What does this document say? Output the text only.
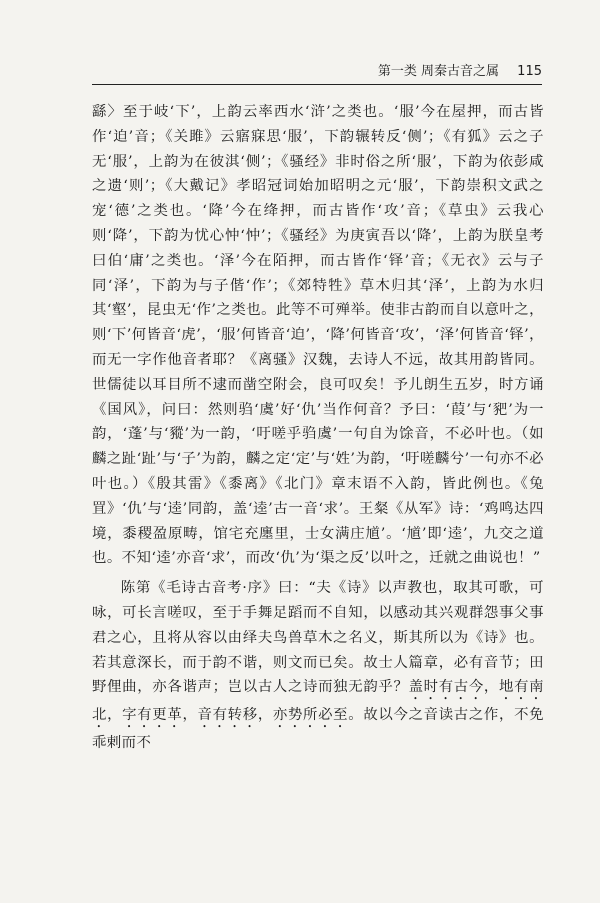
第一类 周秦古音之属 115

繇〉至于岐‘下’，上韵云率西水‘浒’之类也。‘服’今在屋押，而古皆作‘迫’音；《关雎》云寤寐思‘服’，下韵辗转反‘侧’；《有狐》云之子无‘服’，上韵为在彼淇‘侧’；《骚经》非时俗之所‘服’，下韵为依彭咸之遗‘则’；《大戴记》孝昭冠词始加昭明之元‘服’，下韵崇积文武之宠‘德’之类也。‘降’今在绛押，而古皆作‘攻’音；《草虫》云我心则‘降’，下韵为忧心忡‘忡’；《骚经》为庚寅吾以‘降’，上韵为朕皇考曰伯‘庸’之类也。‘泽’今在陌押，而古皆作‘铎’音；《无衣》云与子同‘泽’，下韵为与子偕‘作’；《郊特牲》草木归其‘泽’，上韵为水归其‘壑’，昆虫无‘作’之类也。此等不可殚举。使非古韵而自以意叶之，则‘下’何皆音‘虎’，‘服’何皆音‘迫’，‘降’何皆音‘攻’，‘泽’何皆音‘铎’，而无一字作他音者耶？《离骚》汉魏，去诗人不远，故其用韵皆同。世儒徒以耳目所不逮而凿空附会，良可叹矣！予儿朗生五岁，时方诵《国风》，问曰：然则驺‘虞’好‘仇’当作何音？予曰：‘葭’与‘豝’为一韵，‘蓬’与‘豵’为一韵，‘吁嗟乎驺虞’一句自为馀音，不必叶也。（如麟之趾‘趾’与‘子’为韵，麟之定‘定’与‘姓’为韵，‘吁嗟麟兮’一句亦不必叶也。）《殷其雷》《黍离》《北门》章末语不入韵，皆此例也。《兔罝》‘仇’与‘逵’同韵，盖‘逵’古一音‘求’。王粲《从军》诗：‘鸡鸣达四境，黍稷盈原畴，馆宅充廛里，士女满庄馗’。‘馗’即‘逵’，九交之道也。不知‘逵’亦音‘求’，而改‘仇’为‘渠之反’以叶之，迁就之曲说也！”

陈第《毛诗古音考·序》曰：“夫《诗》以声教也，取其可歌，可咏，可长言嗟叹，至于手舞足蹈而不自知，以感动其兴观群怨事父事君之心，且将从容以由绎夫鸟兽草木之名义，斯其所以为《诗》也。若其意深长，而于韵不谐，则文而已矣。故士人篇章，必有音节；田野俚曲，亦各谐声；岂以古人之诗而独无韵乎？盖时有古今，地有南北，字有更革，音有转移，亦势所必至。故以今之音读古之作，不免乖剌而不
